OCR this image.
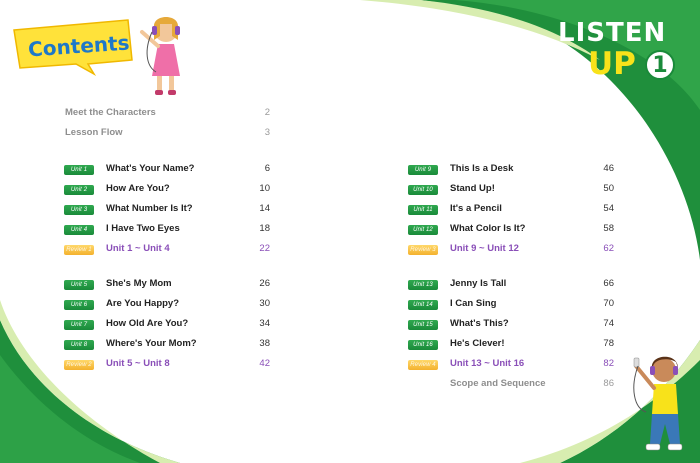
Contents	LISTEN
UP 1
Meet the Characters	2
Lesson Flow	3
Unit 1	What's Your Name?	6
Unit 2	How Are You?	10
Unit 3	What Number Is It?	14
Unit 4	I Have Two Eyes	18
Review 1 Unit 1 ~ Unit 4	22
Unit 5	She's My Mom	26
Unit 6	Are You Happy?	30
Unit 7	How Old Are You?	34
Unit 8	Where's Your Mom?	38
Review 2 Unit 5 ~ Unit 8	42
Unit 9	This Is a Desk	46
Unit 10	Stand Up!	50
Unit 11	It's a Pencil	54
Unit 12	What Color Is It?	58
Review 3 Unit 9 ~ Unit 12	62
Unit 13	Jenny Is Tall	66
Unit 14	I Can Sing	70
Unit 15	What's This?	74
Unit 16	He's Clever!	78
Review 4 Unit 13 ~ Unit 16	82
Scope and Sequence	86
